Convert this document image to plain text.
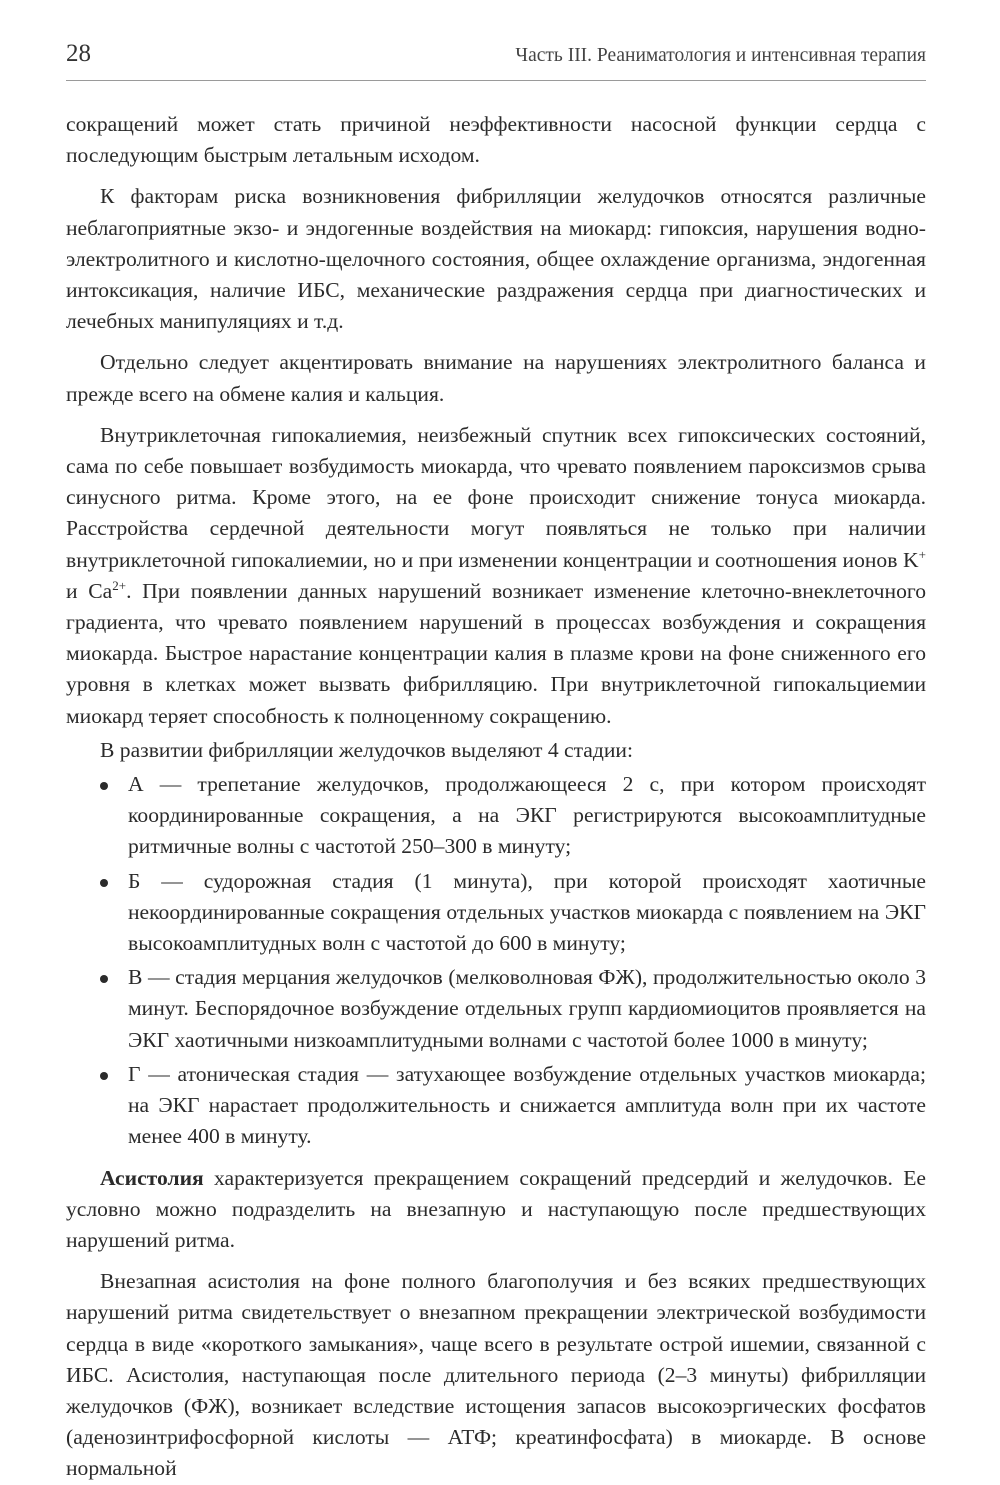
28	Часть III. Реаниматология и интенсивная терапия

сокращений может стать причиной неэффективности насосной функции сердца с последующим быстрым летальным исходом.

К факторам риска возникновения фибрилляции желудочков относятся различные неблагоприятные экзо- и эндогенные воздействия на миокард: гипоксия, нарушения водно-электролитного и кислотно-щелочного состояния, общее охлаждение организма, эндогенная интоксикация, наличие ИБС, механические раздражения сердца при диагностических и лечебных манипуляциях и т.д.

Отдельно следует акцентировать внимание на нарушениях электролитного баланса и прежде всего на обмене калия и кальция.

Внутриклеточная гипокалиемия, неизбежный спутник всех гипоксических состояний, сама по себе повышает возбудимость миокарда, что чревато появлением пароксизмов срыва синусного ритма. Кроме этого, на ее фоне происходит снижение тонуса миокарда. Расстройства сердечной деятельности могут появляться не только при наличии внутриклеточной гипокалиемии, но и при изменении концентрации и соотношения ионов K+ и $Ca^{2+}$. При появлении данных нарушений возникает изменение клеточно-внеклеточного градиента, что чревато появлением нарушений в процессах возбуждения и сокращения миокарда. Быстрое нарастание концентрации калия в плазме крови на фоне сниженного его уровня в клетках может вызвать фибрилляцию. При внутриклеточной гипокальциемии миокард теряет способность к полноценному сокращению.

В развитии фибрилляции желудочков выделяют 4 стадии:

А — трепетание желудочков, продолжающееся 2 с, при котором происходят координированные сокращения, а на ЭКГ регистрируются высокоамплитудные ритмичные волны с частотой 250–300 в минуту;
Б — судорожная стадия (1 минута), при которой происходят хаотичные некоординированные сокращения отдельных участков миокарда с появлением на ЭКГ высокоамплитудных волн с частотой до 600 в минуту;
В — стадия мерцания желудочков (мелковолновая ФЖ), продолжительностью около 3 минут. Беспорядочное возбуждение отдельных групп кардиомиоцитов проявляется на ЭКГ хаотичными низкоамплитудными волнами с частотой более 1000 в минуту;
Г — атоническая стадия — затухающее возбуждение отдельных участков миокарда; на ЭКГ нарастает продолжительность и снижается амплитуда волн при их частоте менее 400 в минуту.

Асистолия характеризуется прекращением сокращений предсердий и желудочков. Ее условно можно подразделить на внезапную и наступающую после предшествующих нарушений ритма.

Внезапная асистолия на фоне полного благополучия и без всяких предшествующих нарушений ритма свидетельствует о внезапном прекращении электрической возбудимости сердца в виде «короткого замыкания», чаще всего в результате острой ишемии, связанной с ИБС. Асистолия, наступающая после длительного периода (2–3 минуты) фибрилляции желудочков (ФЖ), возникает вследствие истощения запасов высокоэргических фосфатов (аденозинтрифосфорной кислоты — АТФ; креатинфосфата) в миокарде. В основе нормальной
